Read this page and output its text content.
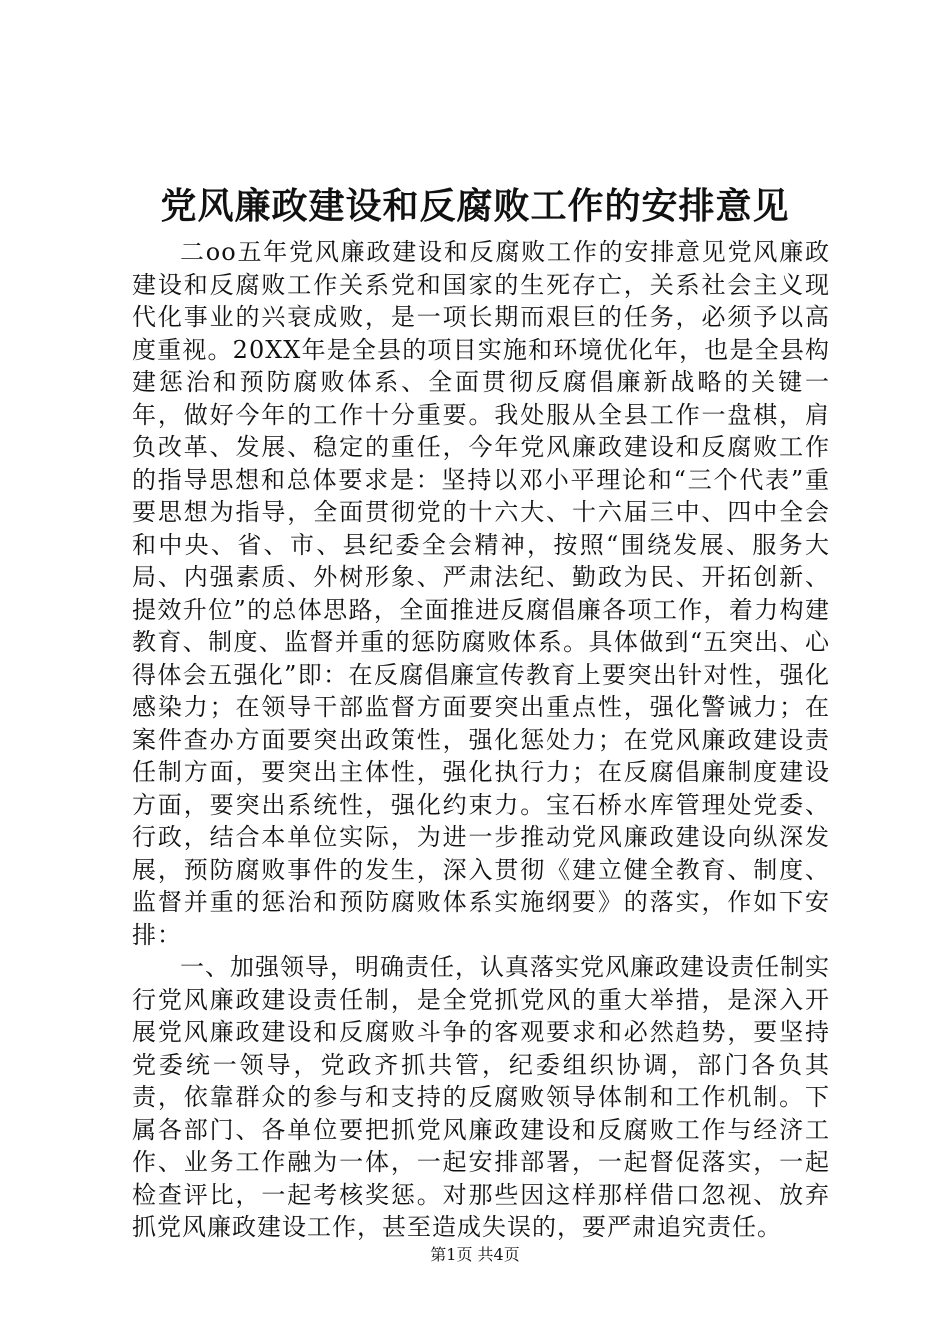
党风廉政建设和反腐败工作的安排意见

二oo五年党风廉政建设和反腐败工作的安排意见党风廉政建设和反腐败工作关系党和国家的生死存亡，关系社会主义现代化事业的兴衰成败，是一项长期而艰巨的任务，必须予以高度重视。20XX年是全县的项目实施和环境优化年，也是全县构建惩治和预防腐败体系、全面贯彻反腐倡廉新战略的关键一年，做好今年的工作十分重要。我处服从全县工作一盘棋，肩负改革、发展、稳定的重任，今年党风廉政建设和反腐败工作的指导思想和总体要求是：坚持以邓小平理论和“三个代表”重要思想为指导，全面贯彻党的十六大、十六届三中、四中全会和中央、省、市、县纪委全会精神，按照“围绕发展、服务大局、内强素质、外树形象、严肃法纪、勤政为民、开拓创新、提效升位”的总体思路，全面推进反腐倡廉各项工作，着力构建教育、制度、监督并重的惩防腐败体系。具体做到“五突出、心得体会五强化”即：在反腐倡廉宣传教育上要突出针对性，强化感染力；在领导干部监督方面要突出重点性，强化警诫力；在案件查办方面要突出政策性，强化惩处力；在党风廉政建设责任制方面，要突出主体性，强化执行力；在反腐倡廉制度建设方面，要突出系统性，强化约束力。宝石桥水库管理处党委、行政，结合本单位实际，为进一步推动党风廉政建设向纵深发展，预防腐败事件的发生，深入贯彻《建立健全教育、制度、监督并重的惩治和预防腐败体系实施纲要》的落实，作如下安排：

一、加强领导，明确责任，认真落实党风廉政建设责任制实行党风廉政建设责任制，是全党抓党风的重大举措，是深入开展党风廉政建设和反腐败斗争的客观要求和必然趋势，要坚持党委统一领导，党政齐抓共管，纪委组织协调，部门各负其责，依靠群众的参与和支持的反腐败领导体制和工作机制。下属各部门、各单位要把抓党风廉政建设和反腐败工作与经济工作、业务工作融为一体，一起安排部署，一起督促落实，一起检查评比，一起考核奖惩。对那些因这样那样借口忽视、放弃抓党风廉政建设工作，甚至造成失误的，要严肃追究责任。

第1页 共4页
